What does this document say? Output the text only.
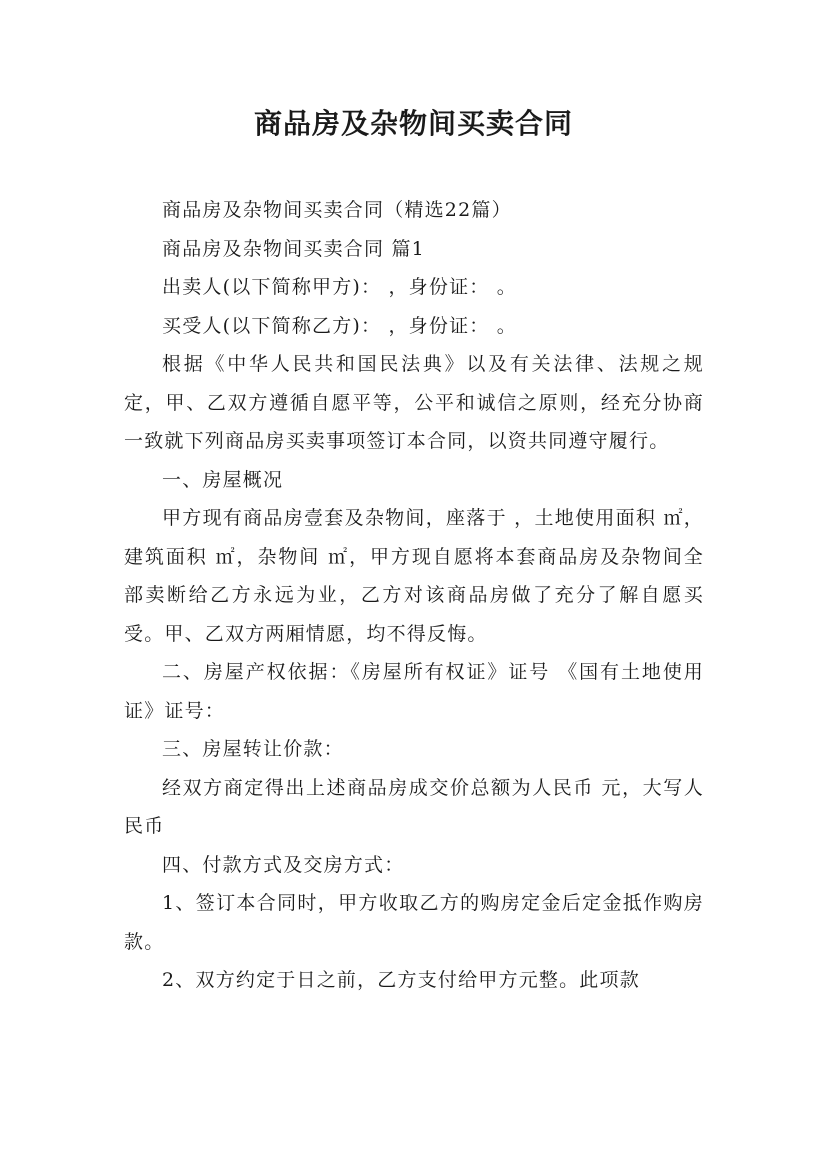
商品房及杂物间买卖合同

商品房及杂物间买卖合同（精选22篇）

商品房及杂物间买卖合同 篇1

出卖人(以下简称甲方)： ，身份证： 。

买受人(以下简称乙方)： ，身份证： 。

根据《中华人民共和国民法典》以及有关法律、法规之规定，甲、乙双方遵循自愿平等，公平和诚信之原则，经充分协商一致就下列商品房买卖事项签订本合同，以资共同遵守履行。

一、房屋概况

甲方现有商品房壹套及杂物间，座落于 ，土地使用面积 ㎡，建筑面积 ㎡，杂物间 ㎡，甲方现自愿将本套商品房及杂物间全部卖断给乙方永远为业，乙方对该商品房做了充分了解自愿买受。甲、乙双方两厢情愿，均不得反悔。

二、房屋产权依据：《房屋所有权证》证号 《国有土地使用证》证号：

三、房屋转让价款：

经双方商定得出上述商品房成交价总额为人民币 元，大写人民币

四、付款方式及交房方式：

1、签订本合同时，甲方收取乙方的购房定金后定金抵作购房款。

2、双方约定于日之前，乙方支付给甲方元整。此项款
